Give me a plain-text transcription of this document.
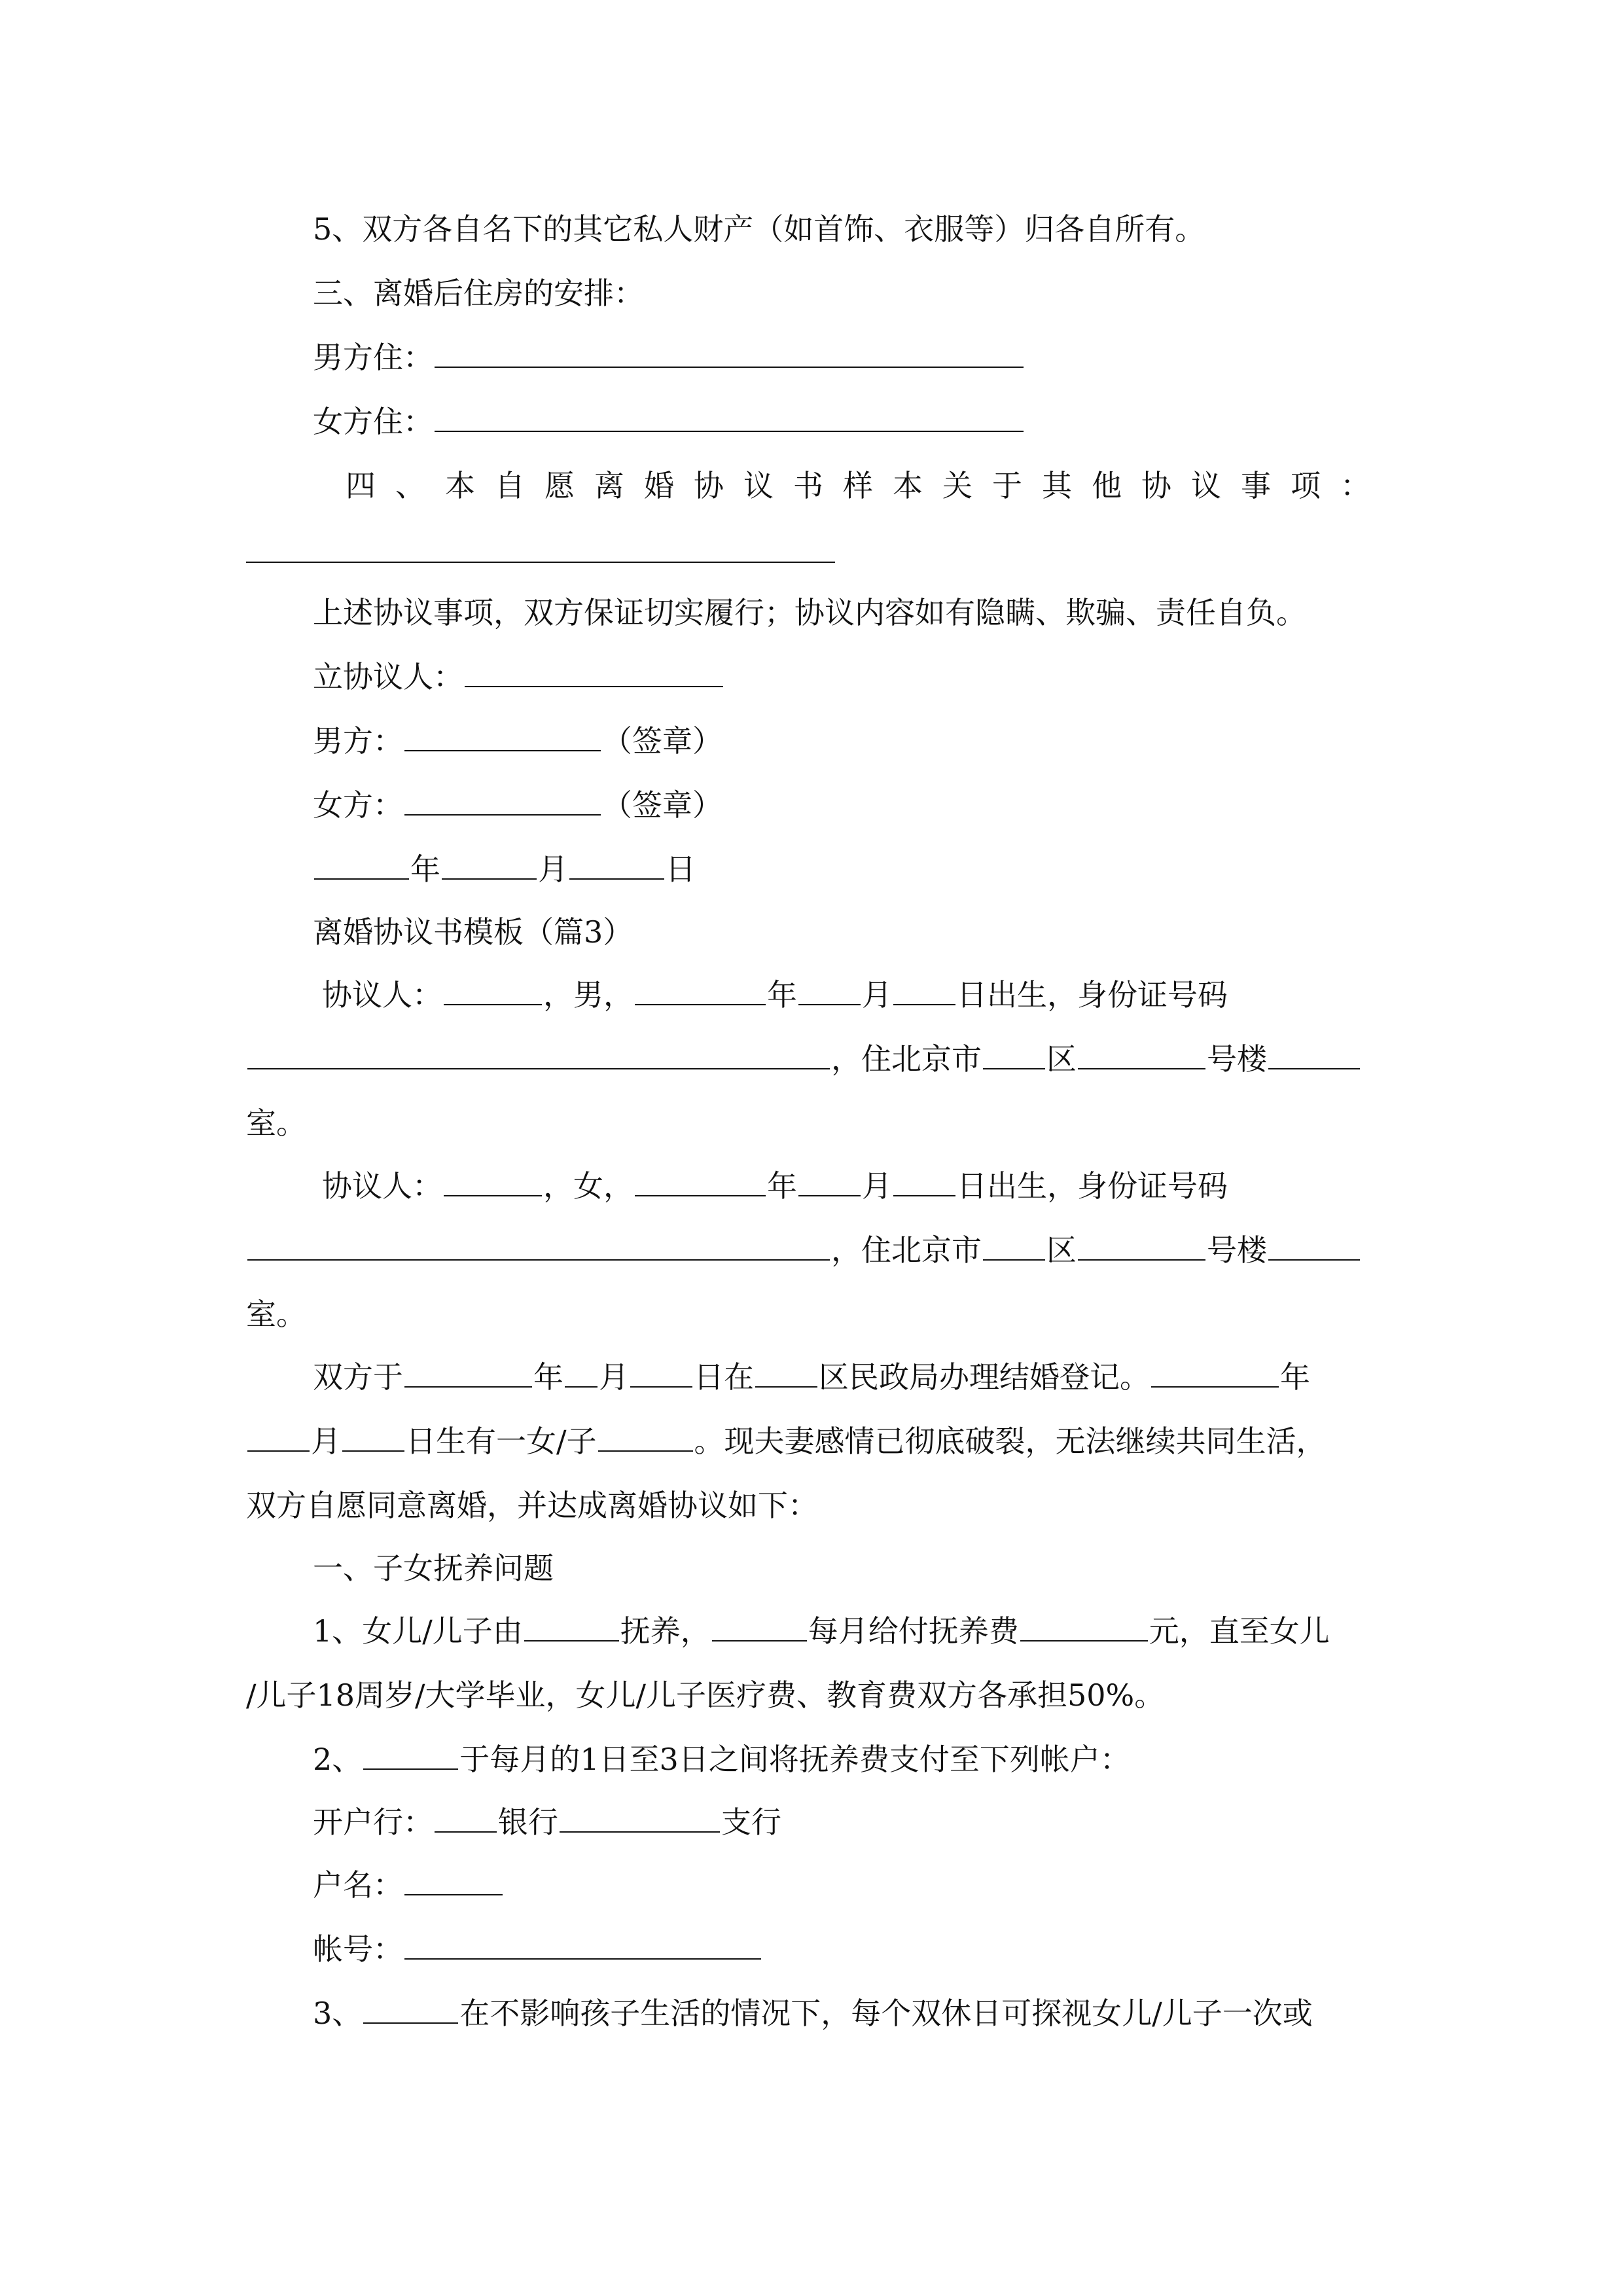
5、双方各自名下的其它私人财产（如首饰、衣服等）归各自所有。
三、离婚后住房的安排：
男方住：
女方住：
四、本自愿离婚协议书样本关于其他协议事项：
上述协议事项，双方保证切实履行；协议内容如有隐瞒、欺骗、责任自负。
立协议人：
男方：	（签章）
女方：	（签章）
年	月	日
离婚协议书模板（篇3）
协议人：	，男，	年 月 日出生，身份证号码
，住北京市 区	号楼
室。
协议人：	，女，	年 月 日出生，身份证号码
，住北京市 区	号楼
室。
双方于	年 月 日在 区民政局办理结婚登记。	年
月 日生有一女/子	。现夫妻感情已彻底破裂，无法继续共同生活，
双方自愿同意离婚，并达成离婚协议如下：
一、子女抚养问题
1、女儿/儿子由	抚养，	每月给付抚养费	元，直至女儿
/儿子18周岁/大学毕业，女儿/儿子医疗费、教育费双方各承担50%。
2、	于每月的1日至3日之间将抚养费支付至下列帐户：
开户行： 银行	支行
户名：
帐号：
3、	在不影响孩子生活的情况下，每个双休日可探视女儿/儿子一次或
